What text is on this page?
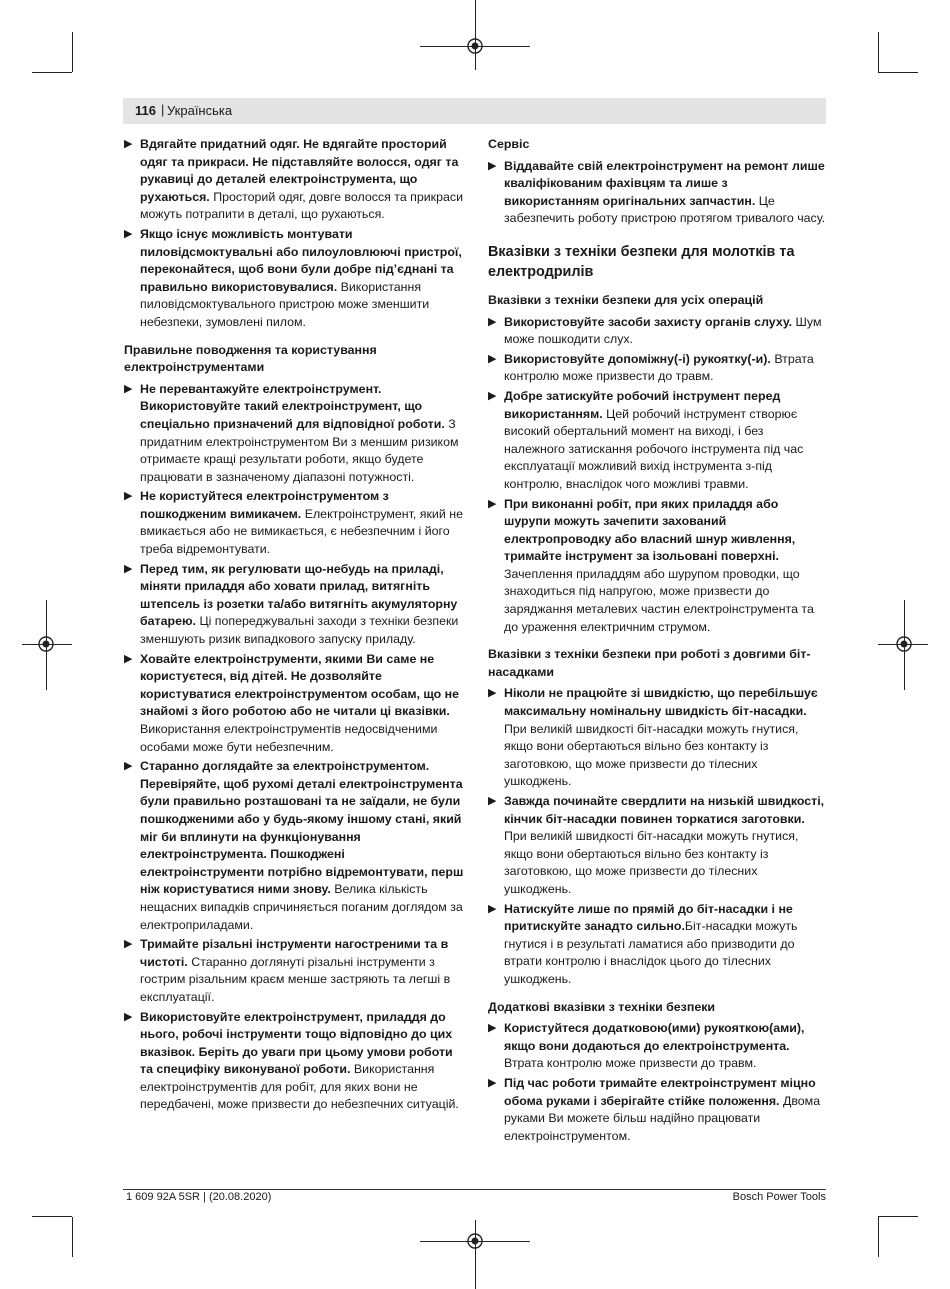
116 | Українська
▶ Вдягайте придатний одяг. Не вдягайте просторий одяг та прикраси. Не підставляйте волосся, одяг та рукавиці до деталей електроінструмента, що рухаються. Просторий одяг, довге волосся та прикраси можуть потрапити в деталі, що рухаються.
▶ Якщо існує можливість монтувати пиловідсмоктувальні або пилоуловлюючі пристрої, переконайтеся, щоб вони були добре під’єднані та правильно використовувалися. Використання пиловідсмоктувального пристрою може зменшити небезпеки, зумовлені пилом.
Правильне поводження та користування електроінструментами
▶ Не перевантажуйте електроінструмент. Використовуйте такий електроінструмент, що спеціально призначений для відповідної роботи. З придатним електроінструментом Ви з меншим ризиком отримаєте кращі результати роботи, якщо будете працювати в зазначеному діапазоні потужності.
▶ Не користуйтеся електроінструментом з пошкодженим вимикачем. Електроінструмент, який не вмикається або не вимикається, є небезпечним і його треба відремонтувати.
▶ Перед тим, як регулювати що-небудь на приладі, міняти приладдя або ховати прилад, витягніть штепсель із розетки та/або витягніть акумуляторну батарею. Ці попереджувальні заходи з техніки безпеки зменшують ризик випадкового запуску приладу.
▶ Ховайте електроінструменти, якими Ви саме не користуєтеся, від дітей. Не дозволяйте користуватися електроінструментом особам, що не знайомі з його роботою або не читали ці вказівки. Використання електроінструментів недосвідченими особами може бути небезпечним.
▶ Старанно доглядайте за електроінструментом. Перевіряйте, щоб рухомі деталі електроінструмента були правильно розташовані та не заїдали, не були пошкодженими або у будь-якому іншому стані, який міг би вплинути на функціонування електроінструмента. Пошкоджені електроінструменти потрібно відремонтувати, перш ніж користуватися ними знову. Велика кількість нещасних випадків спричиняється поганим доглядом за електроприладами.
▶ Тримайте різальні інструменти нагостреними та в чистоті. Старанно доглянуті різальні інструменти з гострим різальним краєм менше застряють та легші в експлуатації.
▶ Використовуйте електроінструмент, приладдя до нього, робочі інструменти тощо відповідно до цих вказівок. Беріть до уваги при цьому умови роботи та специфіку виконуваної роботи. Використання електроінструментів для робіт, для яких вони не передбачені, може призвести до небезпечних ситуацій.
Сервіс
▶ Віддавайте свій електроінструмент на ремонт лише кваліфікованим фахівцям та лише з використанням оригінальних запчастин. Це забезпечить роботу пристрою протягом тривалого часу.
Вказівки з техніки безпеки для молотків та електродрилів
Вказівки з техніки безпеки для усіх операцій
▶ Використовуйте засоби захисту органів слуху. Шум може пошкодити слух.
▶ Використовуйте допоміжну(-і) рукоятку(-и). Втрата контролю може призвести до травм.
▶ Добре затискуйте робочий інструмент перед використанням. Цей робочий інструмент створює високий обертальний момент на виході, і без належного затискання робочого інструмента під час експлуатації можливий вихід інструмента з-під контролю, внаслідок чого можливі травми.
▶ При виконанні робіт, при яких приладдя або шурупи можуть зачепити захований електропроводку або власний шнур живлення, тримайте інструмент за ізольовані поверхні. Зачеплення приладдям або шурупом проводки, що знаходиться під напругою, може призвести до заряджання металевих частин електроінструмента та до ураження електричним струмом.
Вказівки з техніки безпеки при роботі з довгими біт-насадками
▶ Ніколи не працюйте зі швидкістю, що перебільшує максимальну номінальну швидкість біт-насадки. При великій швидкості біт-насадки можуть гнутися, якщо вони обертаються вільно без контакту із заготовкою, що може призвести до тілесних ушкоджень.
▶ Завжда починайте свердлити на низькій швидкості, кінчик біт-насадки повинен торкатися заготовки. При великій швидкості біт-насадки можуть гнутися, якщо вони обертаються вільно без контакту із заготовкою, що може призвести до тілесних ушкоджень.
▶ Натискуйте лише по прямій до біт-насадки і не притискуйте занадто сильно.Біт-насадки можуть гнутися і в результаті ламатися або призводити до втрати контролю і внаслідок цього до тілесних ушкоджень.
Додаткові вказівки з техніки безпеки
▶ Користуйтеся додатковою(ими) рукояткою(ами), якщо вони додаються до електроінструмента. Втрата контролю може призвести до травм.
▶ Під час роботи тримайте електроінструмент міцно обома руками і зберігайте стійке положення. Двома руками Ви можете більш надійно працювати електроінструментом.
1 609 92A 5SR | (20.08.2020)	Bosch Power Tools
